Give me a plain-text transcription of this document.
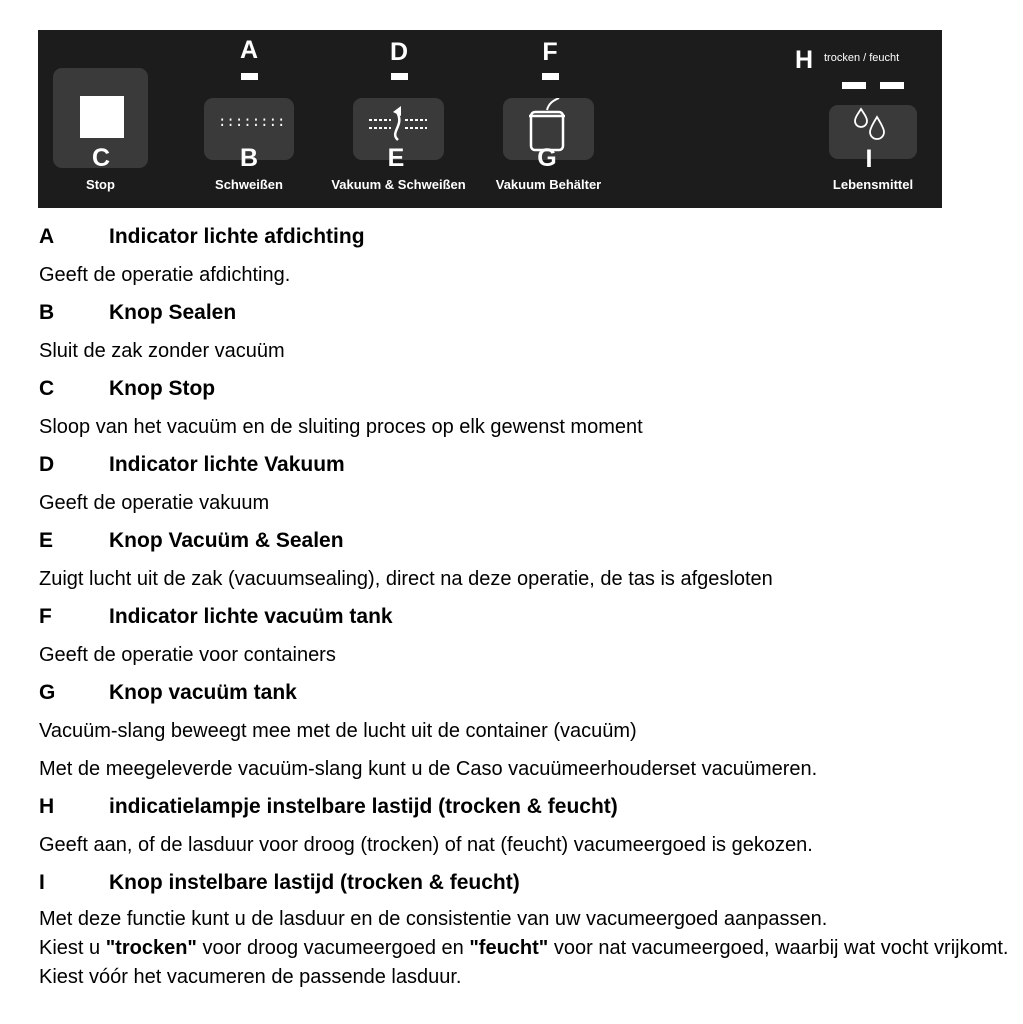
C
Stop
A
::::::::
B
Schweißen
D
E
Vakuum & Schweißen
F
G
Vakuum Behälter
H trocken / feucht
I
Lebensmittel
A	Indicator lichte afdichting
Geeft de operatie afdichting.
B	Knop Sealen
Sluit de zak zonder vacuüm
C	Knop Stop
Sloop van het vacuüm en de sluiting proces op elk gewenst moment
D	Indicator lichte Vakuum
Geeft de operatie vakuum
E	Knop Vacuüm & Sealen
Zuigt lucht uit de zak (vacuumsealing), direct na deze operatie, de tas is afgesloten
F	Indicator lichte vacuüm tank
Geeft de operatie voor containers
G	Knop vacuüm tank
Vacuüm-slang beweegt mee met de lucht uit de container (vacuüm)
Met de meegeleverde vacuüm-slang kunt u de Caso vacuümeerhouderset vacuümeren.
H	indicatielampje instelbare lastijd (trocken & feucht)
Geeft aan, of de lasduur voor droog (trocken) of nat (feucht) vacumeergoed is gekozen.
I	Knop instelbare lastijd (trocken & feucht)

Met deze functie kunt u de lasduur en de consistentie van uw vacumeergoed aanpassen.

Kiest u "trocken" voor droog vacumeergoed en "feucht" voor nat vacumeergoed, waarbij wat vocht vrijkomt. Kiest vóór het vacumeren de passende lasduur.
